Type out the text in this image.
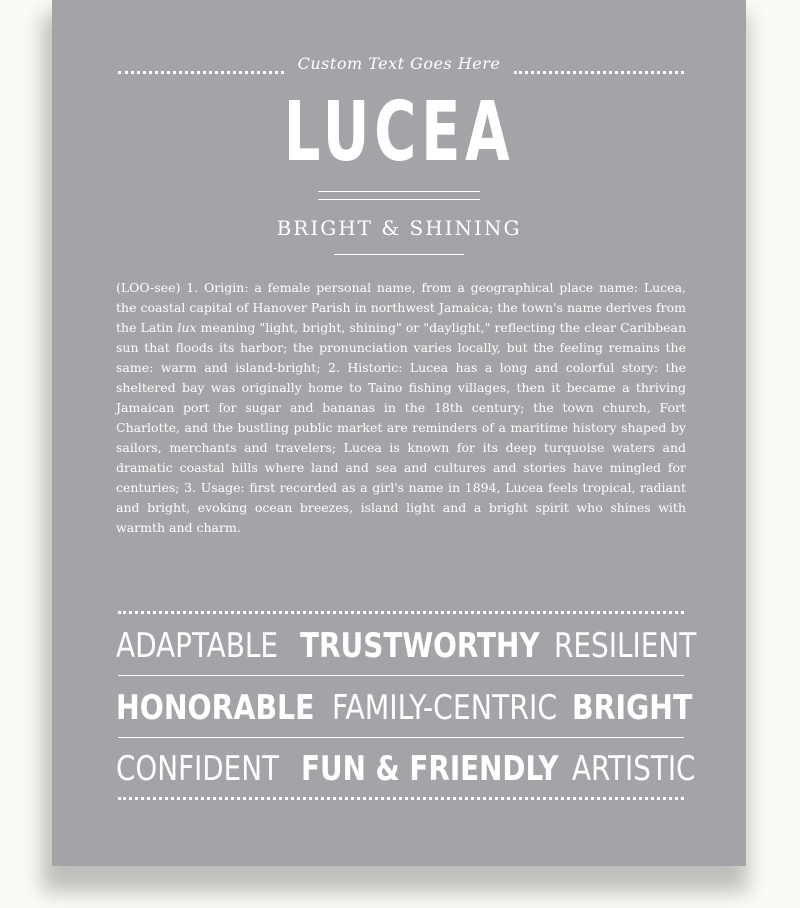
Custom Text Goes Here
LUCEA
BRIGHT & SHINING

(LOO-see) 1. Origin: a female personal name, from a geographical place name: Lucea, the coastal capital of Hanover Parish in northwest Jamaica; the town's name derives from the Latin lux meaning "light, bright, shining" or "daylight," reflecting the clear Caribbean sun that floods its harbor; the pronunciation varies locally, but the feeling remains the same: warm and island-bright; 2. Historic: Lucea has a long and colorful story: the sheltered bay was originally home to Taino fishing villages, then it became a thriving Jamaican port for sugar and bananas in the 18th century; the town church, Fort Charlotte, and the bustling public market are reminders of a maritime history shaped by sailors, merchants and travelers; Lucea is known for its deep turquoise waters and dramatic coastal hills where land and sea and cultures and stories have mingled for centuries; 3. Usage: first recorded as a girl's name in 1894, Lucea feels tropical, radiant and bright, evoking ocean breezes, island light and a bright spirit who shines with warmth and charm.

ADAPTABLE TRUSTWORTHY RESILIENT
HONORABLE FAMILY-CENTRIC BRIGHT
CONFIDENT FUN & FRIENDLY ARTISTIC
